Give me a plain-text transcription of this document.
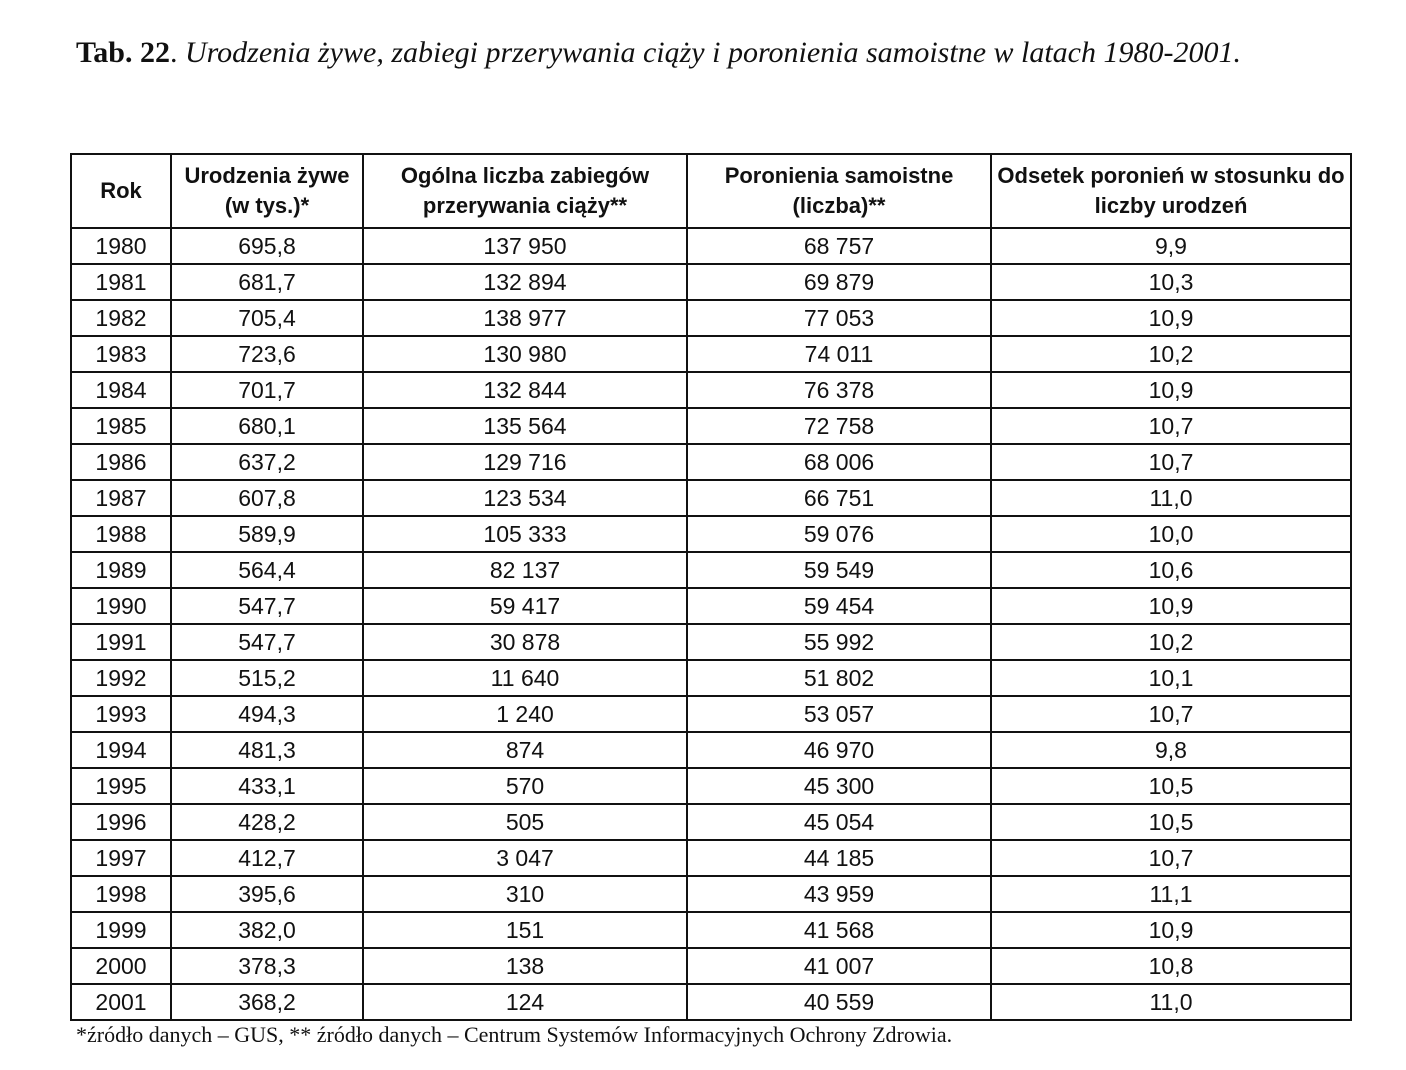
Tab. 22. Urodzenia żywe, zabiegi przerywania ciąży i poronienia samoistne w latach 1980-2001.
Rok	Urodzenia żywe (w tys.)*	Ogólna liczba zabiegów przerywania ciąży**	Poronienia samoistne (liczba)**	Odsetek poronień w stosunku do liczby urodzeń
1980	695,8	137 950	68 757	9,9
1981	681,7	132 894	69 879	10,3
1982	705,4	138 977	77 053	10,9
1983	723,6	130 980	74 011	10,2
1984	701,7	132 844	76 378	10,9
1985	680,1	135 564	72 758	10,7
1986	637,2	129 716	68 006	10,7
1987	607,8	123 534	66 751	11,0
1988	589,9	105 333	59 076	10,0
1989	564,4	82 137	59 549	10,6
1990	547,7	59 417	59 454	10,9
1991	547,7	30 878	55 992	10,2
1992	515,2	11 640	51 802	10,1
1993	494,3	1 240	53 057	10,7
1994	481,3	874	46 970	9,8
1995	433,1	570	45 300	10,5
1996	428,2	505	45 054	10,5
1997	412,7	3 047	44 185	10,7
1998	395,6	310	43 959	11,1
1999	382,0	151	41 568	10,9
2000	378,3	138	41 007	10,8
2001	368,2	124	40 559	11,0
*źródło danych – GUS, ** źródło danych – Centrum Systemów Informacyjnych Ochrony Zdrowia.
